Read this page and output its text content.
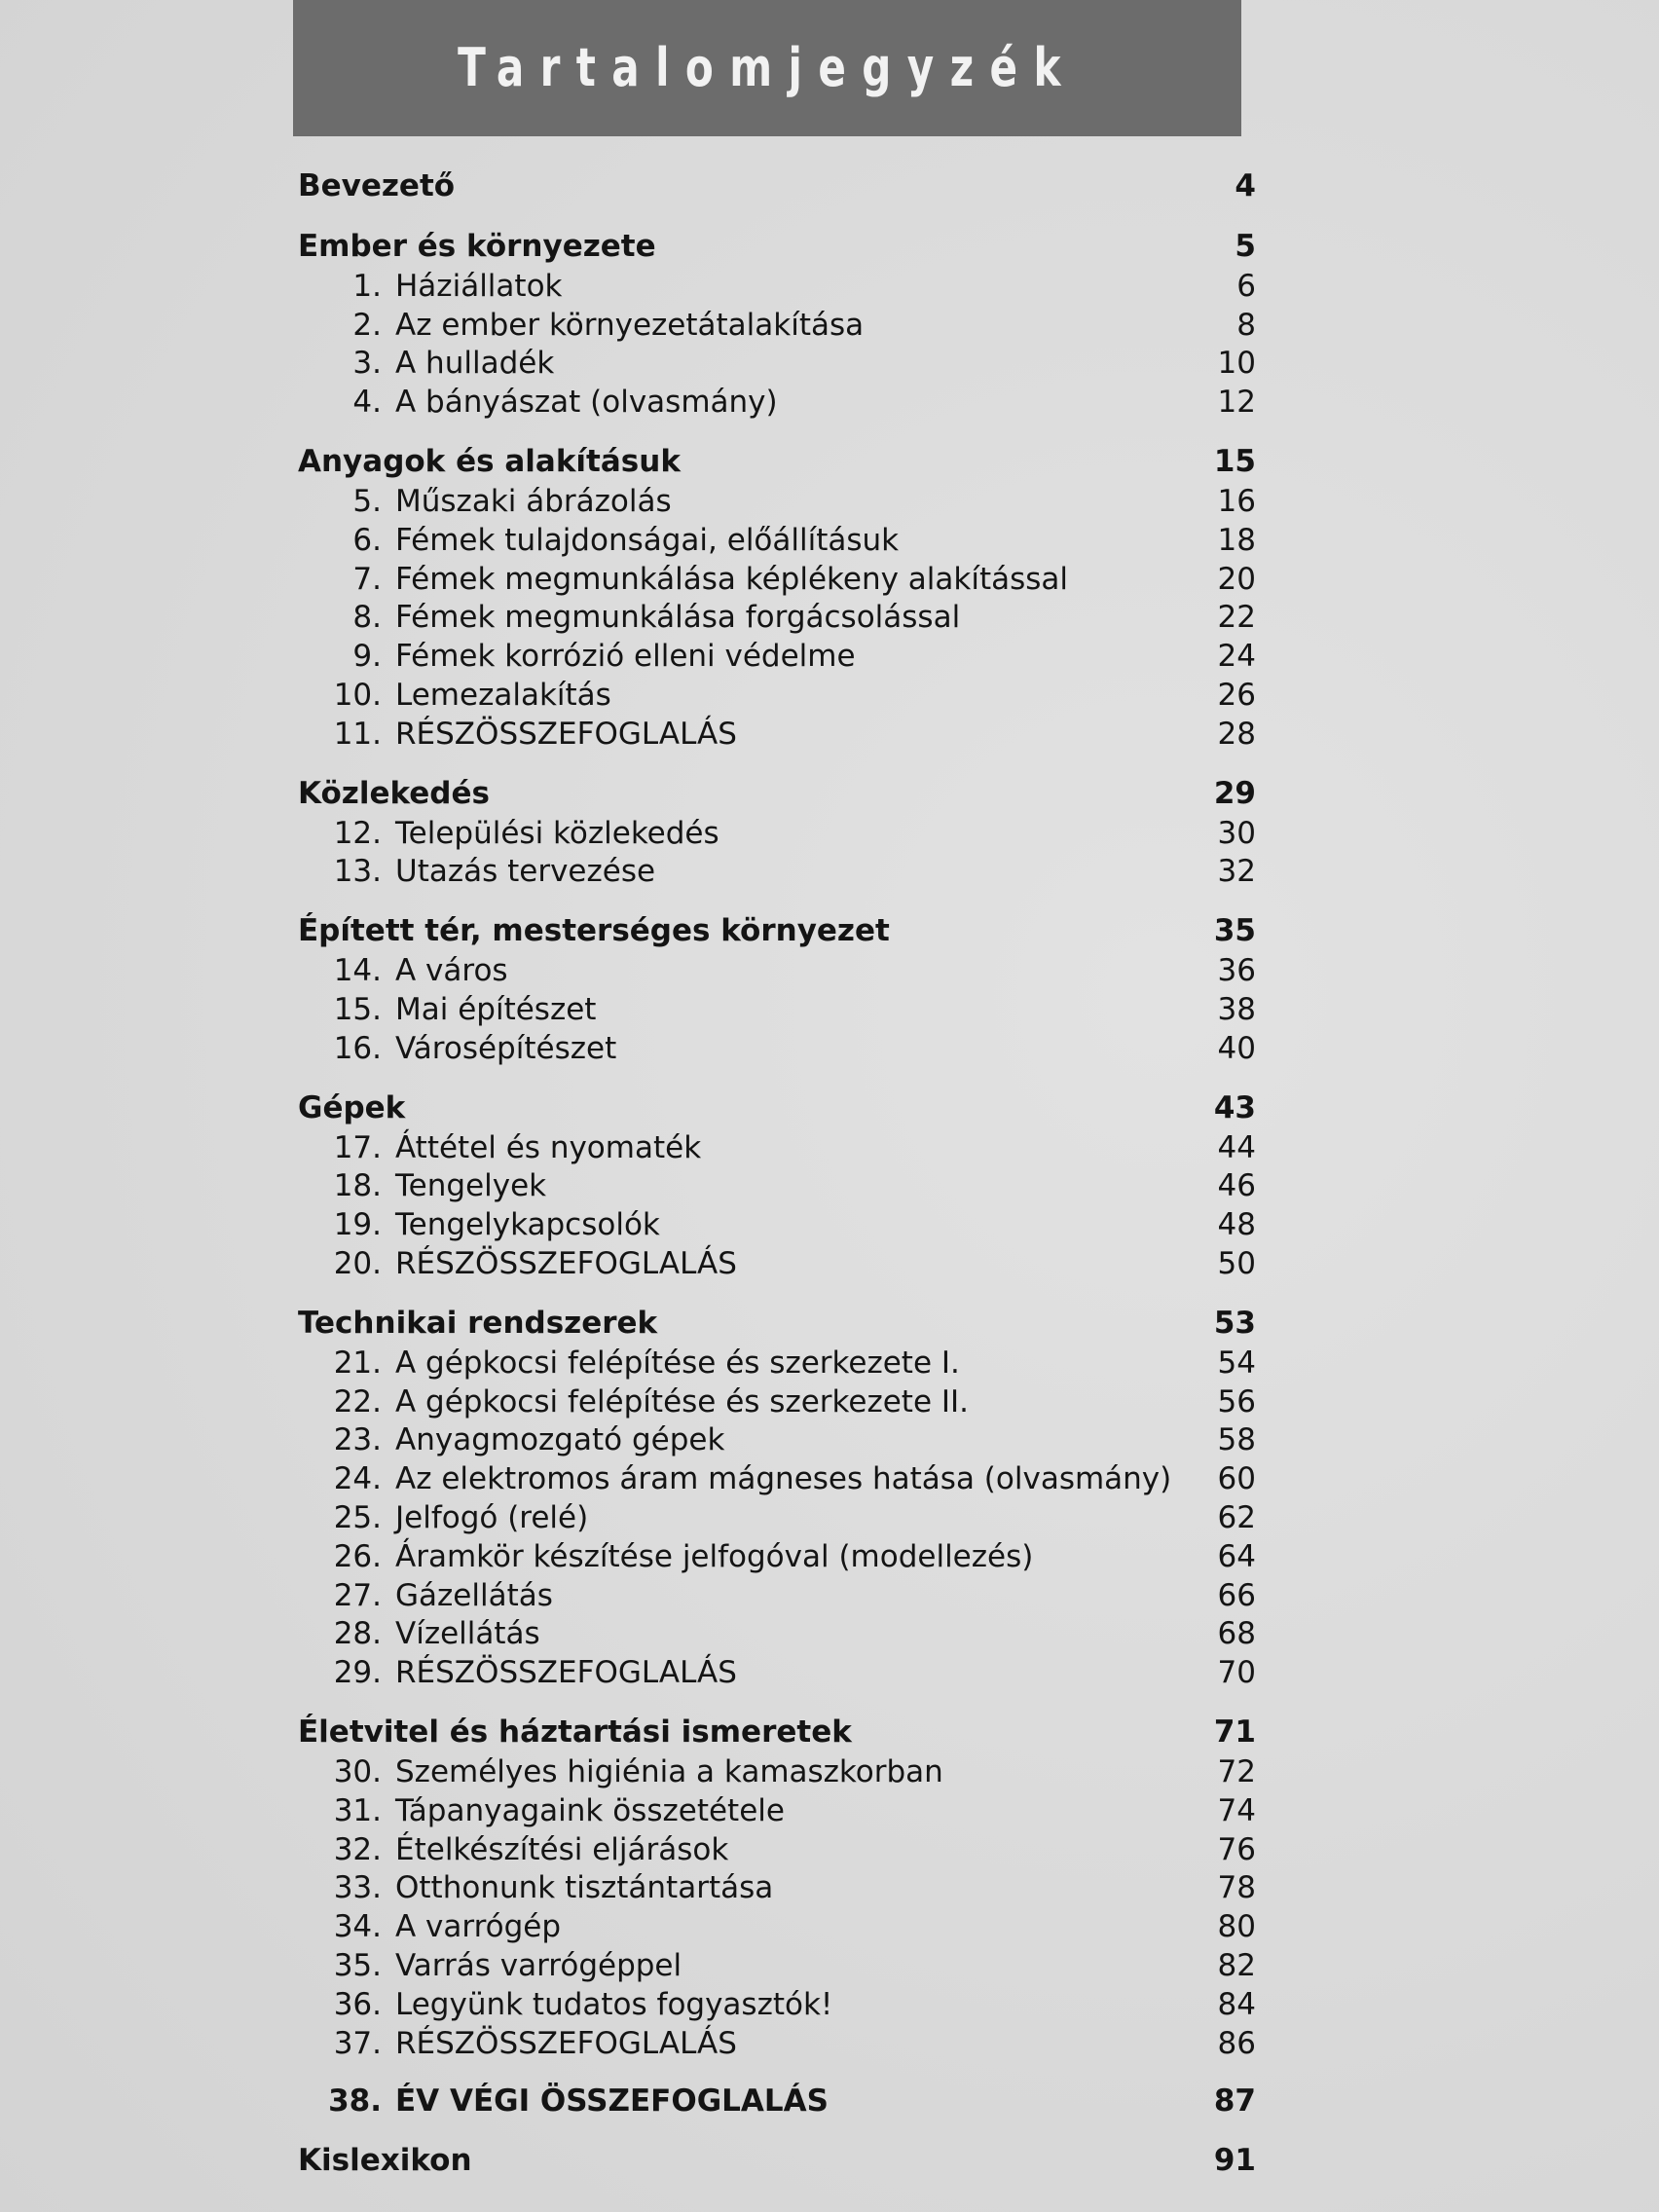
Tartalomjegyzék
Bevezető	4
Ember és környezete	5
1. Háziállatok	6
2. Az ember környezetátalakítása	8
3. A hulladék	10
4. A bányászat (olvasmány)	12
Anyagok és alakításuk	15
5. Műszaki ábrázolás	16
6. Fémek tulajdonságai, előállításuk	18
7. Fémek megmunkálása képlékeny alakítással	20
8. Fémek megmunkálása forgácsolással	22
9. Fémek korrózió elleni védelme	24
10. Lemezalakítás	26
11. RÉSZÖSSZEFOGLALÁS	28
Közlekedés	29
12. Települési közlekedés	30
13. Utazás tervezése	32
Épített tér, mesterséges környezet	35
14. A város	36
15. Mai építészet	38
16. Városépítészet	40
Gépek	43
17. Áttétel és nyomaték	44
18. Tengelyek	46
19. Tengelykapcsolók	48
20. RÉSZÖSSZEFOGLALÁS	50
Technikai rendszerek	53
21. A gépkocsi felépítése és szerkezete I.	54
22. A gépkocsi felépítése és szerkezete II.	56
23. Anyagmozgató gépek	58
24. Az elektromos áram mágneses hatása (olvasmány)	60
25. Jelfogó (relé)	62
26. Áramkör készítése jelfogóval (modellezés)	64
27. Gázellátás	66
28. Vízellátás	68
29. RÉSZÖSSZEFOGLALÁS	70
Életvitel és háztartási ismeretek	71
30. Személyes higiénia a kamaszkorban	72
31. Tápanyagaink összetétele	74
32. Ételkészítési eljárások	76
33. Otthonunk tisztántartása	78
34. A varrógép	80
35. Varrás varrógéppel	82
36. Legyünk tudatos fogyasztók!	84
37. RÉSZÖSSZEFOGLALÁS	86
38. ÉV VÉGI ÖSSZEFOGLALÁS	87
Kislexikon	91
